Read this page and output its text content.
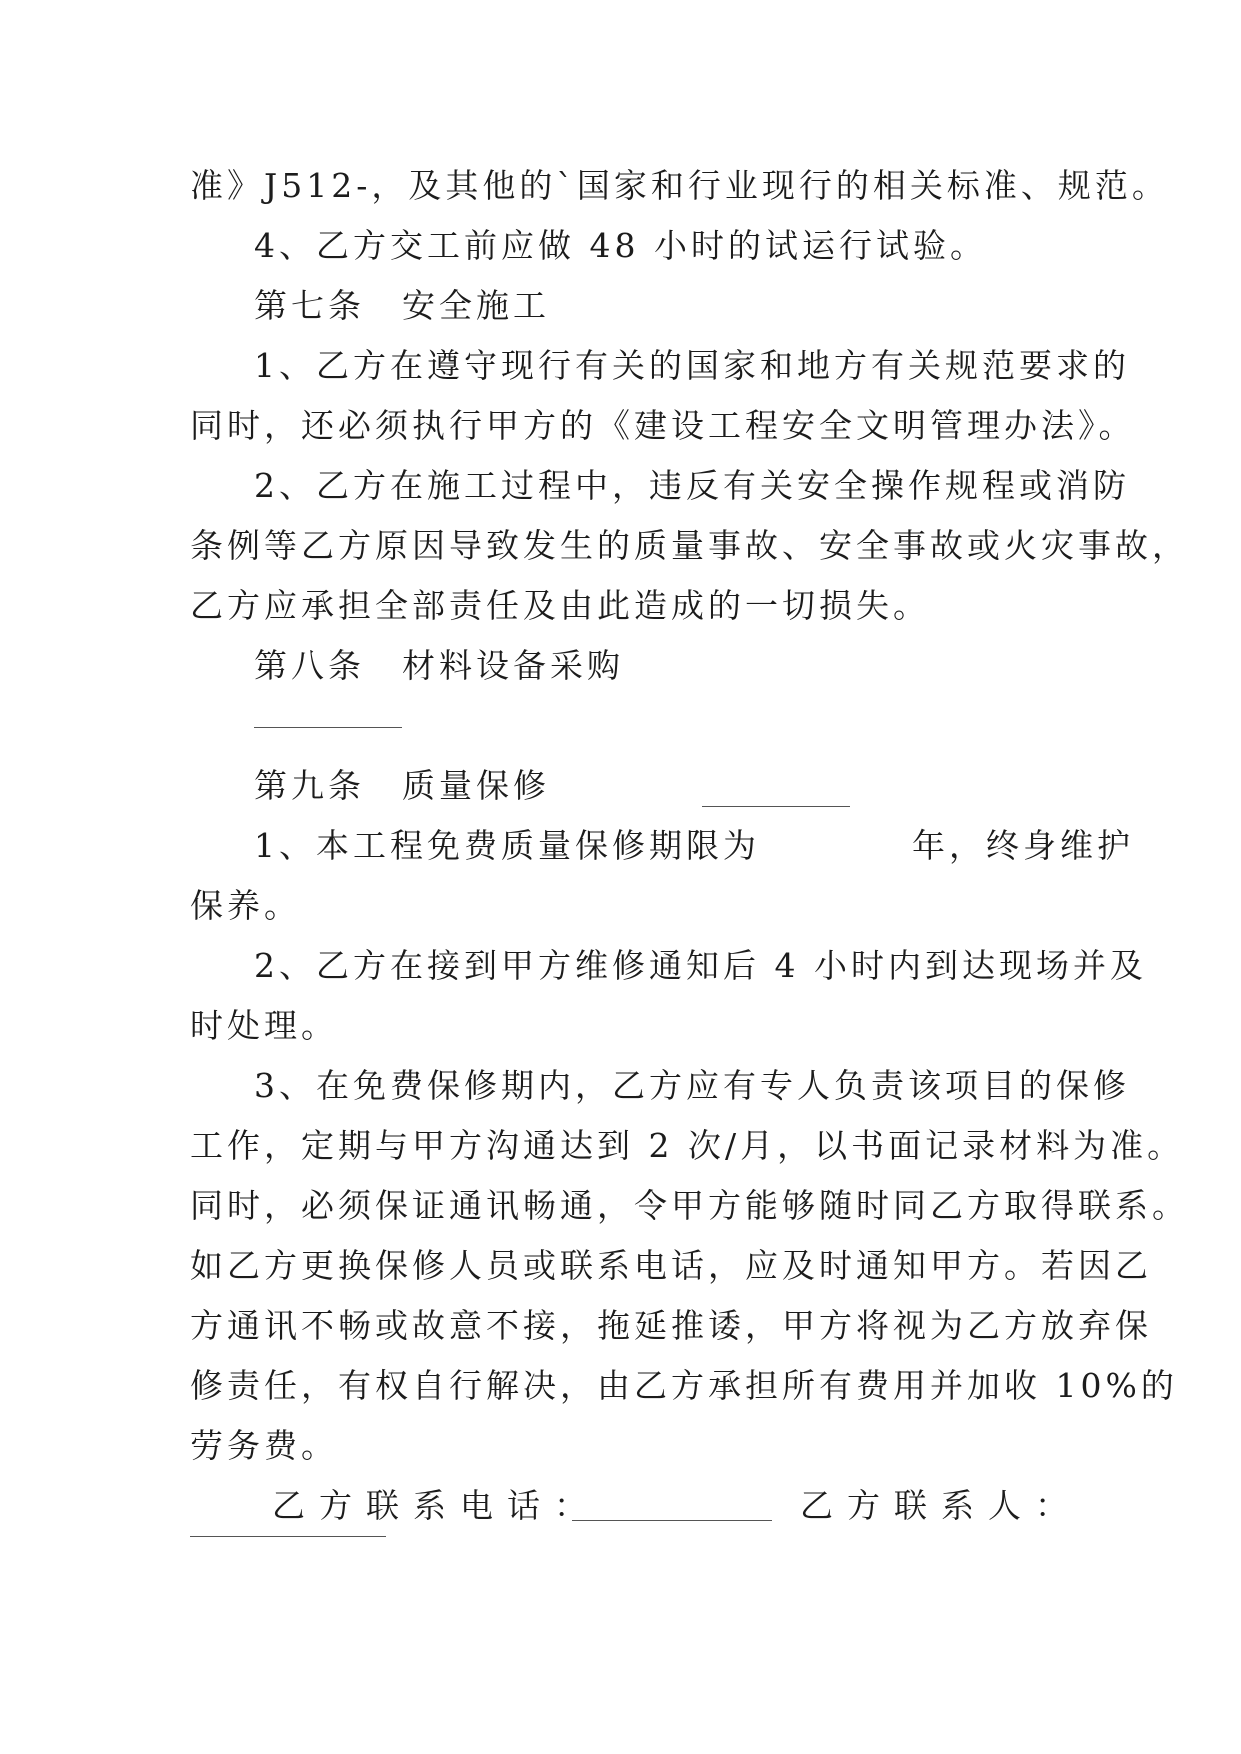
准》J512-，及其他的`国家和行业现行的相关标准、规范。
4、乙方交工前应做 48 小时的试运行试验。
第七条　安全施工
1、乙方在遵守现行有关的国家和地方有关规范要求的
同时，还必须执行甲方的《建设工程安全文明管理办法》。
2、乙方在施工过程中，违反有关安全操作规程或消防
条例等乙方原因导致发生的质量事故、安全事故或火灾事故，
乙方应承担全部责任及由此造成的一切损失。
第八条　材料设备采购
第九条　质量保修
1、本工程免费质量保修期限为	年，终身维护
保养。
2、乙方在接到甲方维修通知后 4 小时内到达现场并及
时处理。
3、在免费保修期内，乙方应有专人负责该项目的保修
工作，定期与甲方沟通达到 2 次/月，以书面记录材料为准。
同时，必须保证通讯畅通，令甲方能够随时同乙方取得联系。
如乙方更换保修人员或联系电话，应及时通知甲方。若因乙
方通讯不畅或故意不接，拖延推诿，甲方将视为乙方放弃保
修责任，有权自行解决，由乙方承担所有费用并加收 10%的
劳务费。
乙方联系电话：	乙方联系人：
